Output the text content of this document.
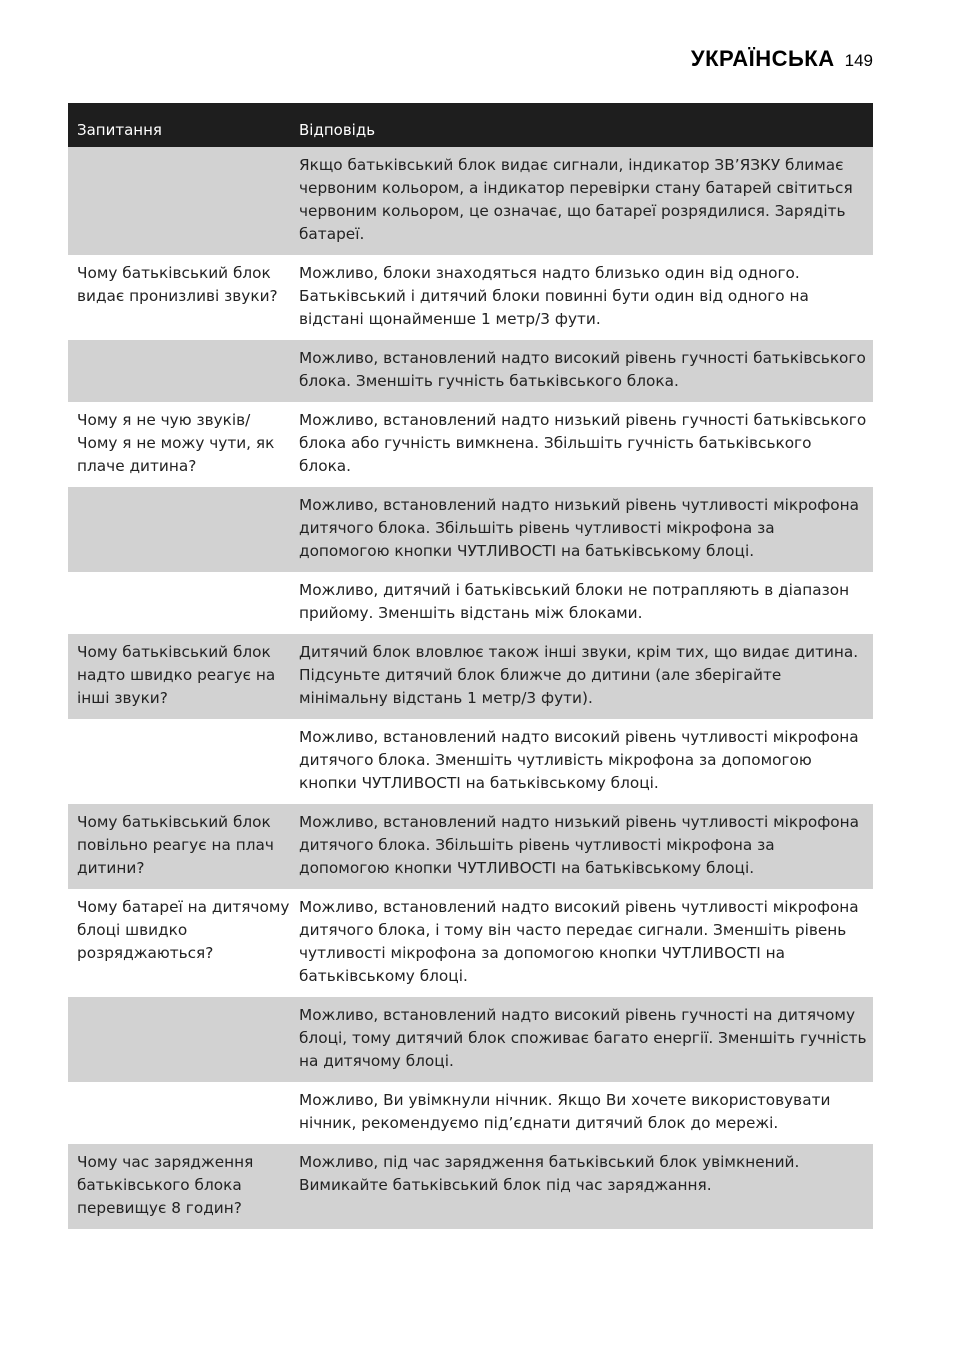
УКРАЇНСЬКА 149
Запитання	Відповідь
Якщо батьківський блок видає сигнали, індикатор ЗВ’ЯЗКУ блимає червоним кольором, а індикатор перевірки стану батарей світиться червоним кольором, це означає, що батареї розрядилися. Зарядіть батареї.
Чому батьківський блок видає пронизливі звуки?
Можливо, блоки знаходяться надто близько один від одного. Батьківський і дитячий блоки повинні бути один від одного на відстані щонайменше 1 метр/3 фути.
Можливо, встановлений надто високий рівень гучності батьківського блока. Зменшіть гучність батьківського блока.
Чому я не чую звуків/ Чому я не можу чути, як плаче дитина?
Можливо, встановлений надто низький рівень гучності батьківського блока або гучність вимкнена. Збільшіть гучність батьківського блока.
Можливо, встановлений надто низький рівень чутливості мікрофона дитячого блока. Збільшіть рівень чутливості мікрофона за допомогою кнопки ЧУТЛИВОСТІ на батьківському блоці.
Можливо, дитячий і батьківський блоки не потрапляють в діапазон прийому. Зменшіть відстань між блоками.
Чому батьківський блок надто швидко реагує на інші звуки?
Дитячий блок вловлює також інші звуки, крім тих, що видає дитина. Підсуньте дитячий блок ближче до дитини (але зберігайте мінімальну відстань 1 метр/3 фути).
Можливо, встановлений надто високий рівень чутливості мікрофона дитячого блока. Зменшіть чутливість мікрофона за допомогою кнопки ЧУТЛИВОСТІ на батьківському блоці.
Чому батьківський блок повільно реагує на плач дитини?
Можливо, встановлений надто низький рівень чутливості мікрофона дитячого блока. Збільшіть рівень чутливості мікрофона за допомогою кнопки ЧУТЛИВОСТІ на батьківському блоці.
Чому батареї на дитячому блоці швидко розряджаються?
Можливо, встановлений надто високий рівень чутливості мікрофона дитячого блока, і тому він часто передає сигнали. Зменшіть рівень чутливості мікрофона за допомогою кнопки ЧУТЛИВОСТІ на батьківському блоці.
Можливо, встановлений надто високий рівень гучності на дитячому блоці, тому дитячий блок споживає багато енергії. Зменшіть гучність на дитячому блоці.
Можливо, Ви увімкнули нічник. Якщо Ви хочете використовувати нічник, рекомендуємо під’єднати дитячий блок до мережі.
Чому час зарядження батьківського блока перевищує 8 годин?
Можливо, під час зарядження батьківський блок увімкнений. Вимикайте батьківський блок під час заряджання.
